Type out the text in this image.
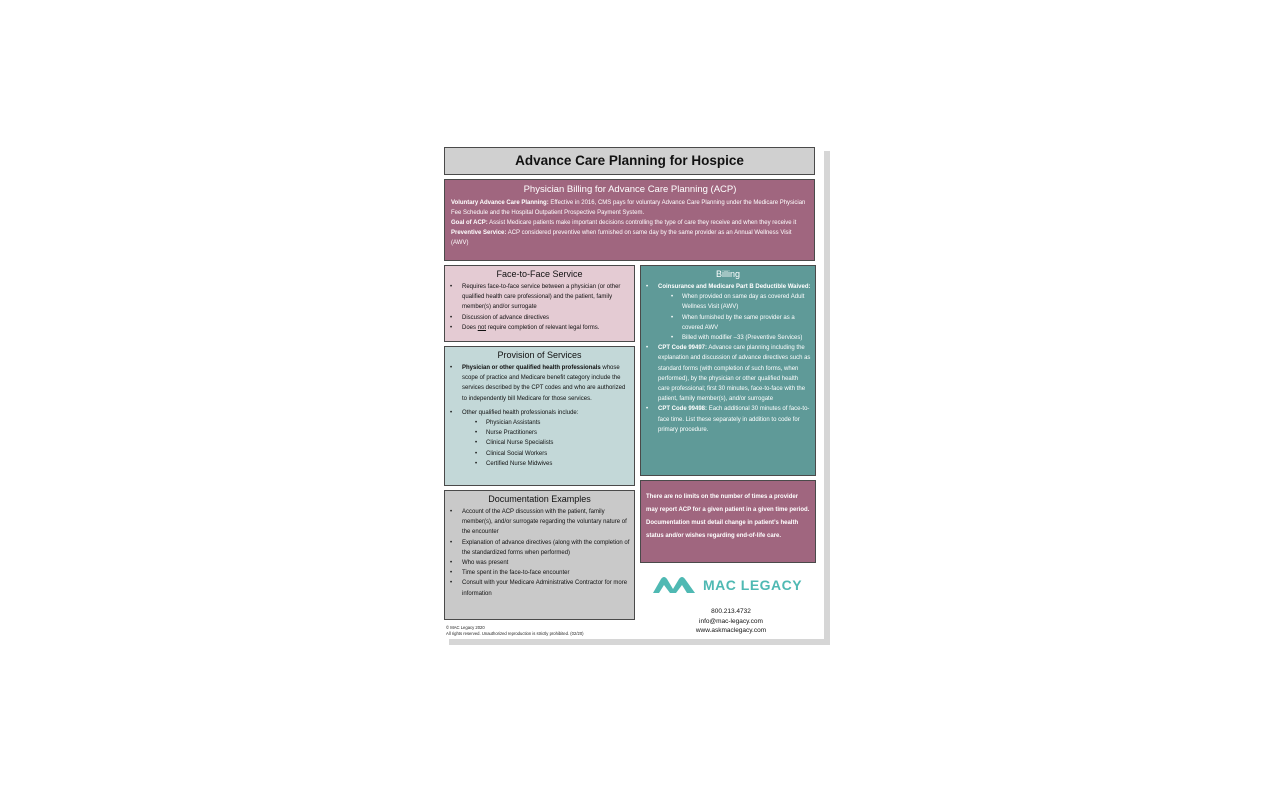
Advance Care Planning for Hospice
Physician Billing for Advance Care Planning (ACP)

Voluntary Advance Care Planning: Effective in 2016, CMS pays for voluntary Advance Care Planning under the Medicare Physician Fee Schedule and the Hospital Outpatient Prospective Payment System.

Goal of ACP: Assist Medicare patients make important decisions controlling the type of care they receive and when they receive it

Preventive Service: ACP considered preventive when furnished on same day by the same provider as an Annual Wellness Visit (AWV)

Face-to-Face Service
• Requires face-to-face service between a physician (or other qualified health care professional) and the patient, family member(s) and/or surrogate
• Discussion of advance directives
• Does not require completion of relevant legal forms.
Provision of Services
• Physician or other qualified health professionals whose scope of practice and Medicare benefit category include the services described by the CPT codes and who are authorized to independently bill Medicare for those services.
• Other qualified health professionals include:
• Physician Assistants
• Nurse Practitioners
• Clinical Nurse Specialists
• Clinical Social Workers
• Certified Nurse Midwives
Documentation Examples
• Account of the ACP discussion with the patient, family member(s), and/or surrogate regarding the voluntary nature of the encounter
• Explanation of advance directives (along with the completion of the standardized forms when performed)
• Who was present
• Time spent in the face-to-face encounter
• Consult with your Medicare Administrative Contractor for more information
Billing
• Coinsurance and Medicare Part B Deductible Waived:
• When provided on same day as covered Adult Wellness Visit (AWV)
• When furnished by the same provider as a covered AWV
• Billed with modifier –33 (Preventive Services)
• CPT Code 99497: Advance care planning including the explanation and discussion of advance directives such as standard forms (with completion of such forms, when performed), by the physician or other qualified health care professional; first 30 minutes, face-to-face with the patient, family member(s), and/or surrogate
• CPT Code 99498: Each additional 30 minutes of face-to-face time. List these separately in addition to code for primary procedure.

There are no limits on the number of times a provider may report ACP for a given patient in a given time period. Documentation must detail change in patient’s health status and/or wishes regarding end-of-life care.

MAC LEGACY
800.213.4732
info@mac-legacy.com
www.askmaclegacy.com
© MAC Legacy 2020
All rights reserved. Unauthorized reproduction is strictly prohibited. (02/20)
